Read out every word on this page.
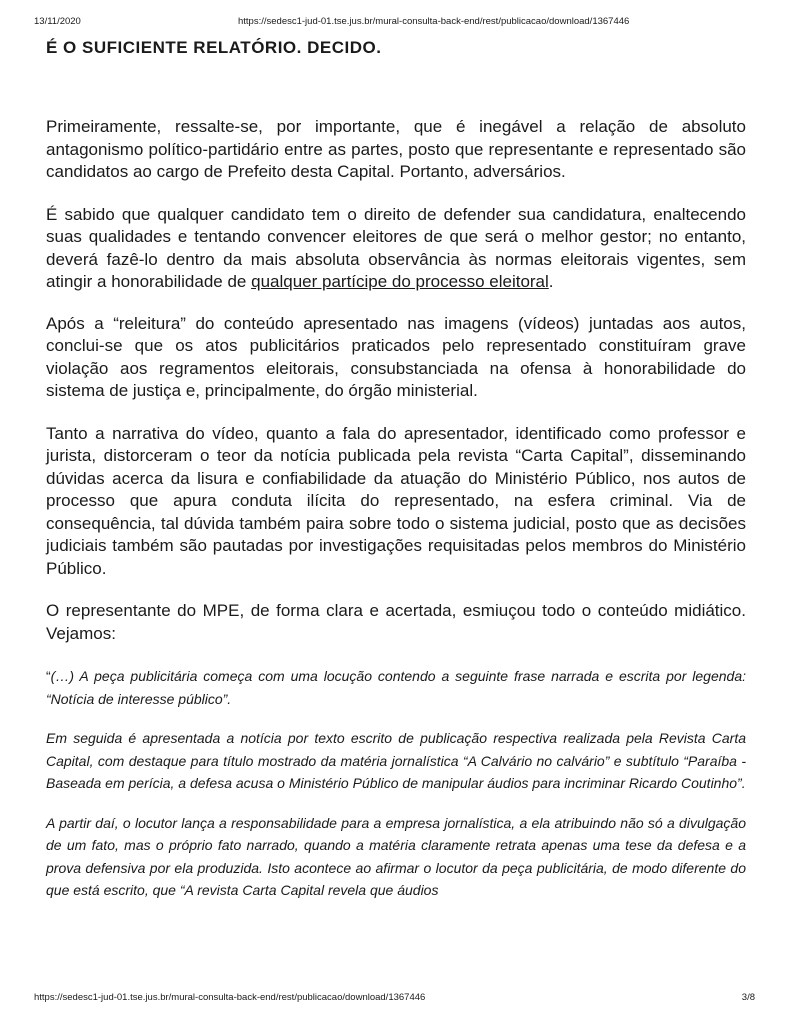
13/11/2020	https://sedesc1-jud-01.tse.jus.br/mural-consulta-back-end/rest/publicacao/download/1367446
É O SUFICIENTE RELATÓRIO. DECIDO.

Primeiramente, ressalte-se, por importante, que é inegável a relação de absoluto antagonismo político-partidário entre as partes, posto que representante e representado são candidatos ao cargo de Prefeito desta Capital. Portanto, adversários.

É sabido que qualquer candidato tem o direito de defender sua candidatura, enaltecendo suas qualidades e tentando convencer eleitores de que será o melhor gestor; no entanto, deverá fazê-lo dentro da mais absoluta observância às normas eleitorais vigentes, sem atingir a honorabilidade de qualquer partícipe do processo eleitoral.

Após a “releitura” do conteúdo apresentado nas imagens (vídeos) juntadas aos autos, conclui-se que os atos publicitários praticados pelo representado constituíram grave violação aos regramentos eleitorais, consubstanciada na ofensa à honorabilidade do sistema de justiça e, principalmente, do órgão ministerial.

Tanto a narrativa do vídeo, quanto a fala do apresentador, identificado como professor e jurista, distorceram o teor da notícia publicada pela revista “Carta Capital”, disseminando dúvidas acerca da lisura e confiabilidade da atuação do Ministério Público, nos autos de processo que apura conduta ilícita do representado, na esfera criminal. Via de consequência, tal dúvida também paira sobre todo o sistema judicial, posto que as decisões judiciais também são pautadas por investigações requisitadas pelos membros do Ministério Público.

O representante do MPE, de forma clara e acertada, esmiuçou todo o conteúdo midiático. Vejamos:

“(…) A peça publicitária começa com uma locução contendo a seguinte frase narrada e escrita por legenda: “Notícia de interesse público”.

Em seguida é apresentada a notícia por texto escrito de publicação respectiva realizada pela Revista Carta Capital, com destaque para título mostrado da matéria jornalística “A Calvário no calvário” e subtítulo “Paraíba - Baseada em perícia, a defesa acusa o Ministério Público de manipular áudios para incriminar Ricardo Coutinho”.

A partir daí, o locutor lança a responsabilidade para a empresa jornalística, a ela atribuindo não só a divulgação de um fato, mas o próprio fato narrado, quando a matéria claramente retrata apenas uma tese da defesa e a prova defensiva por ela produzida. Isto acontece ao afirmar o locutor da peça publicitária, de modo diferente do que está escrito, que “A revista Carta Capital revela que áudios

https://sedesc1-jud-01.tse.jus.br/mural-consulta-back-end/rest/publicacao/download/1367446	3/8
